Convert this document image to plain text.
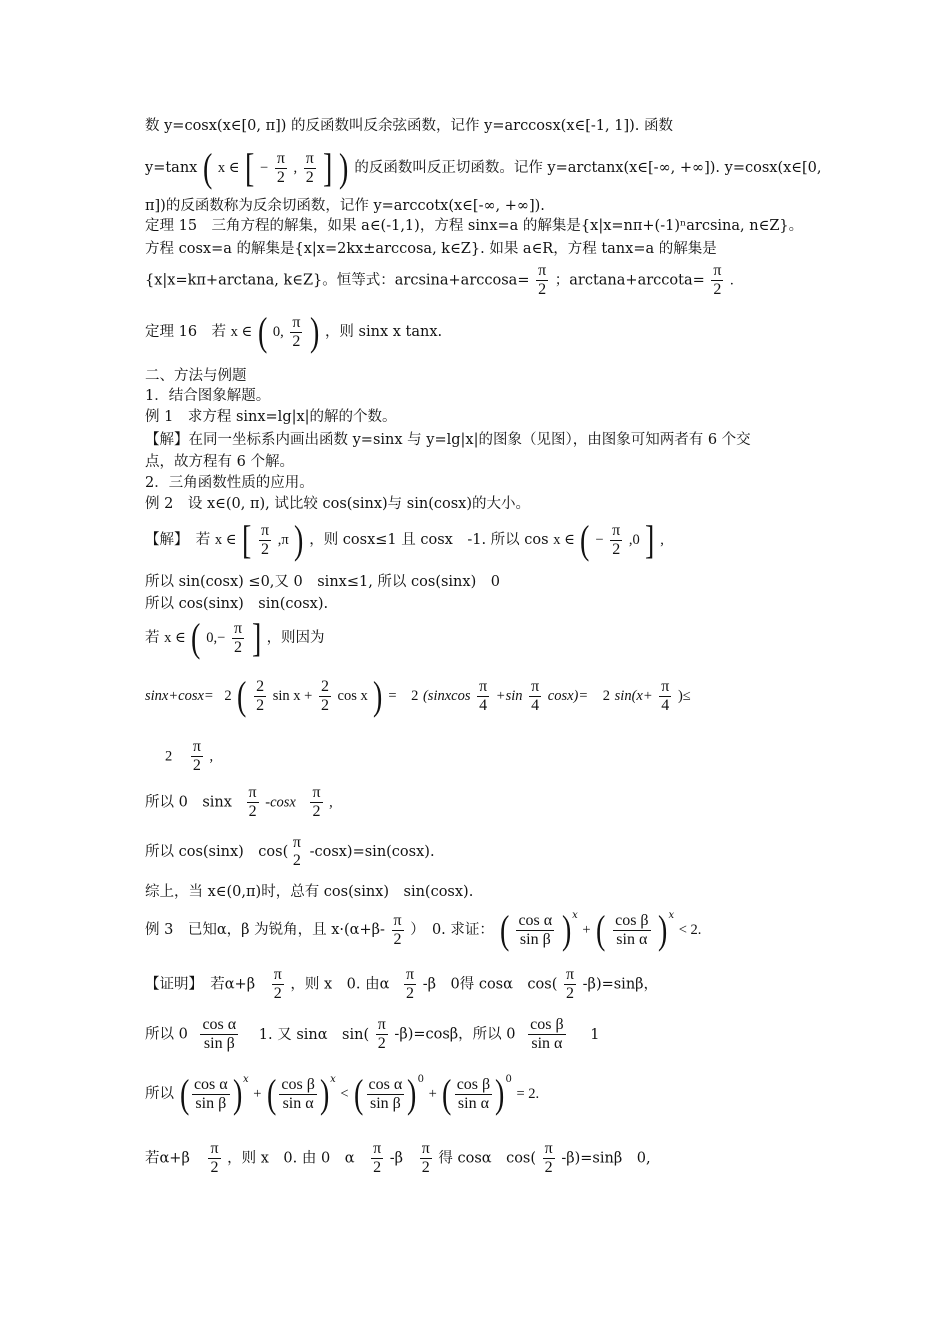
数 y=cosx(x∈[0, π]) 的反函数叫反余弦函数，记作 y=arccosx(x∈[-1, 1]). 函数
y=tanx ( x ∈ [ − $\frac{\pi}{2}$ , $\frac{\pi}{2}$ ] ) 的反函数叫反正切函数。记作 y=arctanx(x∈[-∞, +∞]). y=cosx(x∈[0,
π])的反函数称为反余切函数，记作 y=arccotx(x∈[-∞, +∞]).
定理 15　三角方程的解集，如果 a∈(-1,1)，方程 sinx=a 的解集是{x|x=nπ+(-1)ⁿarcsina, n∈Z}。
方程 cosx=a 的解集是{x|x=2kx±arccosa, k∈Z}. 如果 a∈R，方程 tanx=a 的解集是
{x|x=kπ+arctana, k∈Z}。恒等式：$\arcsin a+\arccos a= \frac{\pi}{2}$ ；$\arctan a+arccota= \frac{\pi}{2}$ .
定理 16　若 x ∈ ( 0, $\frac{\pi}{2}$ ) ，则 sinx x tanx.
二、方法与例题
1．结合图象解题。
例 1　求方程 sinx=lg|x|的解的个数。
【解】在同一坐标系内画出函数 y=sinx 与 y=lg|x|的图象（见图），由图象可知两者有 6 个交
点，故方程有 6 个解。
2．三角函数性质的应用。
例 2　设 x∈(0, π), 试比较 cos(sinx)与 sin(cosx)的大小。
【解】　若 x ∈ [ $\frac{\pi}{2} ,\pi$ ) ，则 cosx≤1 且 cosx　-1. 所以 cos x ∈ ( − $\frac{\pi}{2} ,0$ ] ,
所以 sin(cosx) ≤0,又 0　sinx≤1, 所以 cos(sinx)　0
所以 cos(sinx)　sin(cosx).
若 x ∈ ( $0,- \frac{\pi}{2}$ ] ，则因为
sinx+cosx= 2 ( $\frac{2}{2}$ $\sin x + \frac{2}{2}$ cos x ) = 2 (sinxcos $\frac{\pi}{4} +\sin \frac{\pi}{4} \cos x)= 2$ $\sin(x+ \frac{\pi}{4}$ )≤
$2 \frac{\pi}{2}$ ,
所以 0　sinx $\frac{\pi}{2} -\cos x \frac{\pi}{2}$ ,
所以 cos(sinx)　cos(
π
2 -cosx)=sin(cosx).
综上，当 x∈(0,π)时，总有 cos(sinx)　sin(cosx).
例 3　已知α，β 为锐角，且 $x\cdot(\alpha+\beta- \frac{\pi}{2}$ ）　0. 求证： ( $\frac{\text{cos α}}{\text{sin β}} )^x$ + ( $\frac{\text{cos β}}{\text{sin α}} )^x < 2$.
【证明】　若$\alpha+\beta \frac{\pi}{2}$ ，则 x　0. 由α $\frac{\pi}{2} -\beta$　0得 cosα　$\cos( \frac{\pi}{2} -\beta)=\sin\beta$，
所以 $0 \frac{\text{cos α}}{\text{sin β}} 1$. 又 sinα　$\sin( \frac{\pi}{2} -\beta)=\cos\beta$，所以 $0 \frac{\text{cos β}}{\text{sin α}} 1$
所以 ( $\frac{\text{cos α}}{\text{sin β}} )^x$ + ( $\frac{\text{cos β}}{\text{sin α}} )^x$ < ( $\frac{\text{cos α}}{\text{sin β}} )^0$ + ( $\frac{\text{cos β}}{\text{sin α}} )^0 = 2$.
若$\alpha+\beta \frac{\pi}{2}$ ，则 x　0. 由 0　α $\frac{\pi}{2} -\beta \frac{\pi}{2}$ 得 cosα　$\cos( \frac{\pi}{2} -\beta)=\sin\beta$　0,
